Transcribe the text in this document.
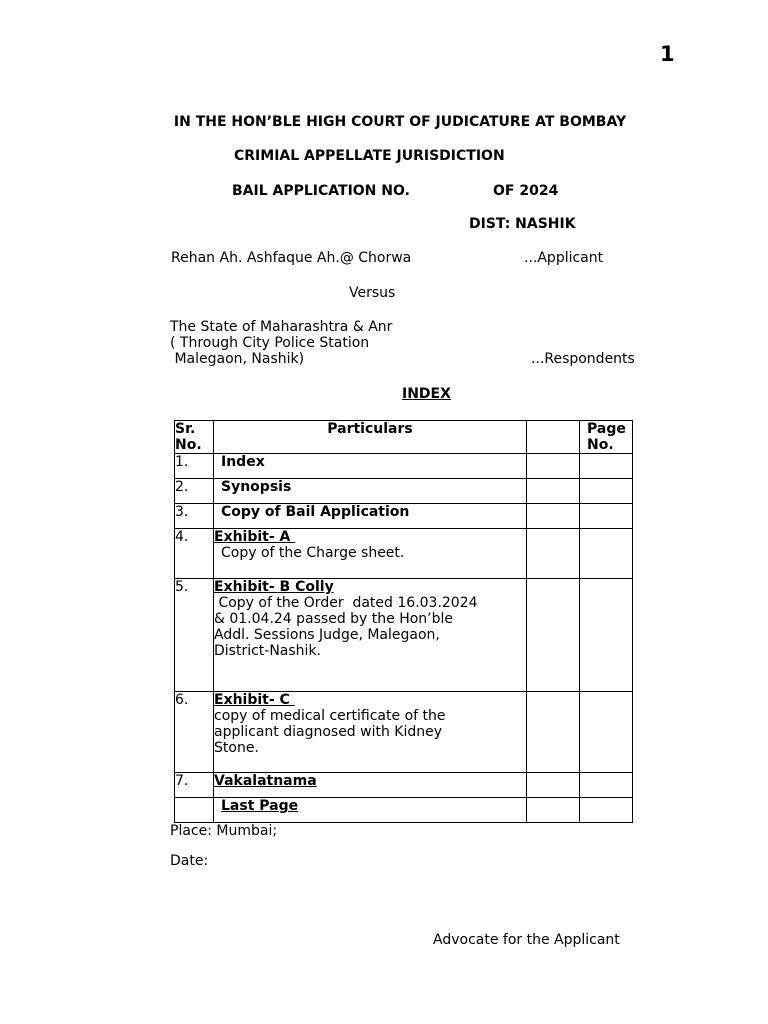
1
IN THE HON’BLE HIGH COURT OF JUDICATURE AT BOMBAY
CRIMIAL APPELLATE JURISDICTION
BAIL APPLICATION NO.	OF 2024
DIST: NASHIK
Rehan Ah. Ashfaque Ah.@ Chorwa	...Applicant
Versus
The State of Maharashtra & Anr
( Through City Police Station
Malegaon, Nashik)	...Respondents
INDEX
Sr.
No.	Particulars		Page
No.

1.	Index		

2.	Synopsis		

3.	Copy of Bail Application		

4.	Exhibit- A
Copy of the Charge sheet.		

5.	Exhibit- B Colly
Copy of the Order  dated 16.03.2024
& 01.04.24 passed by the Hon’ble
Addl. Sessions Judge, Malegaon,
District-Nashik.		

6.	Exhibit- C
copy of medical certificate of the
applicant diagnosed with Kidney
Stone.		

7.	Vakalatnama		

	Last Page		

Place: Mumbai;
Date:
Advocate for the Applicant
